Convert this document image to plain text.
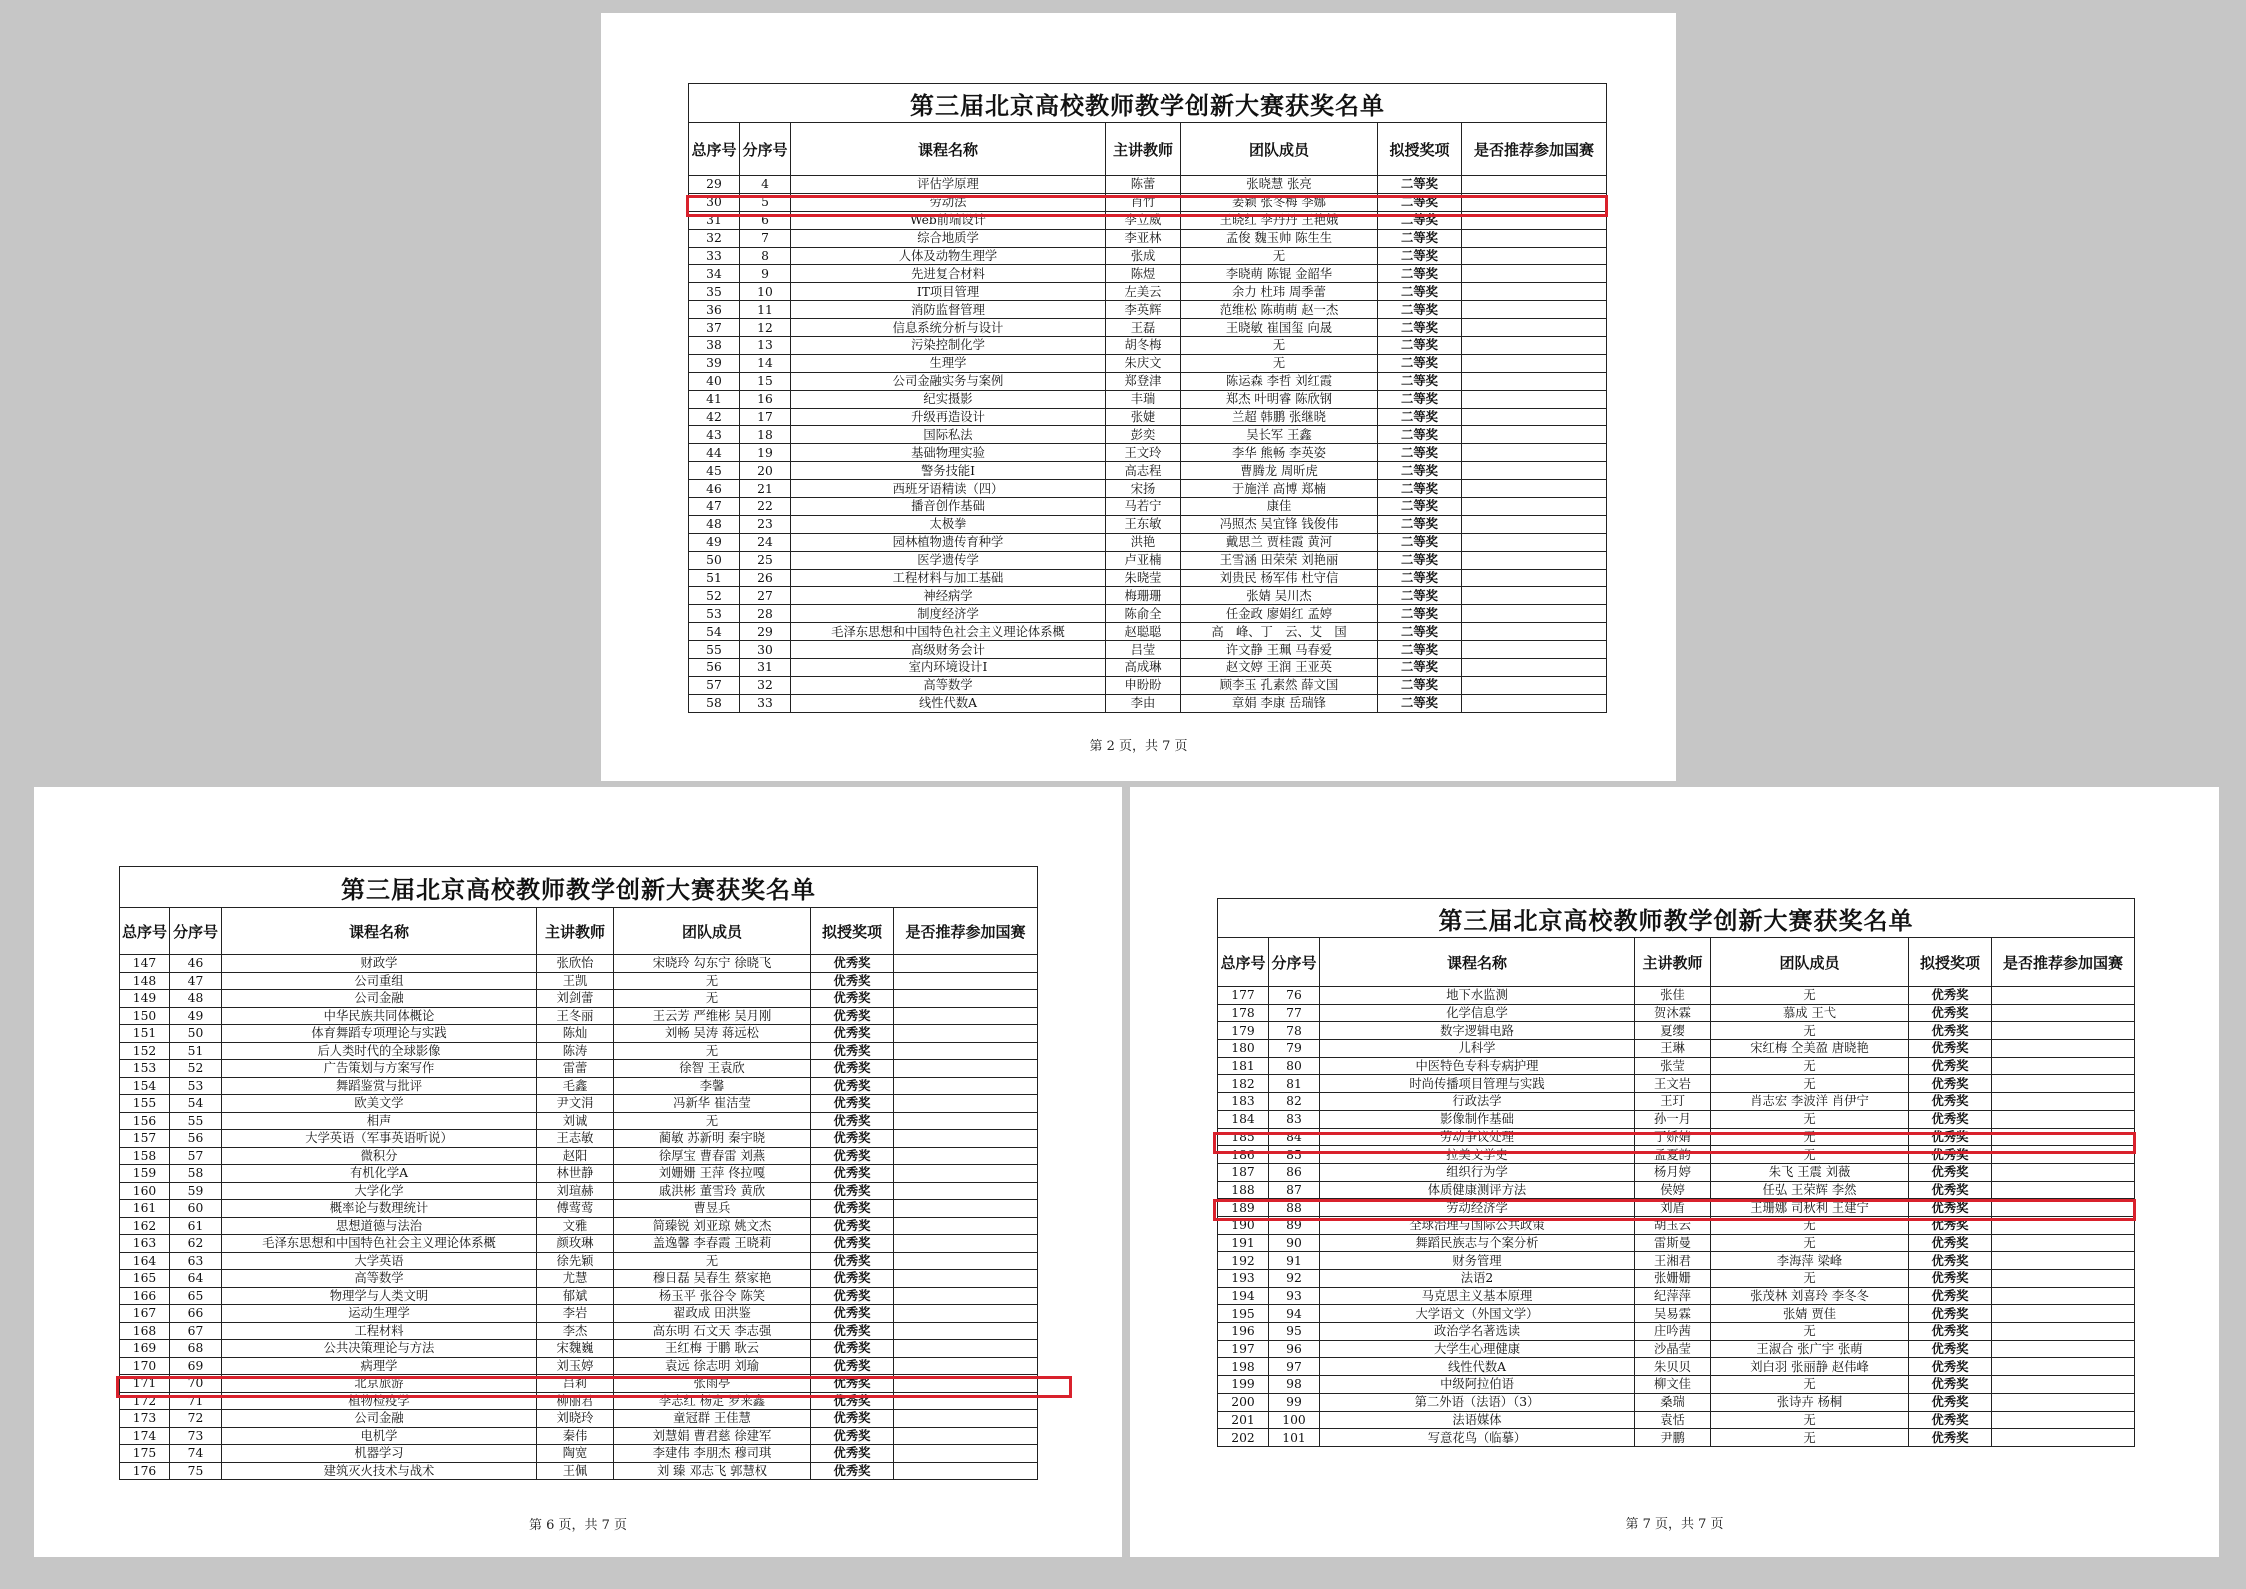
第三届北京高校教师教学创新大赛获奖名单						
总序号	分序号	课程名称	主讲教师	团队成员	拟授奖项	是否推荐参加国赛
29	4	评估学原理	陈蕾	张晓慧 张亮	二等奖	
30	5	劳动法	肖竹	姜颖 张冬梅 李娜	二等奖	
31	6	Web前端设计	李立威	王晓红 李丹丹 王艳娥	二等奖	
32	7	综合地质学	李亚林	孟俊 魏玉帅 陈生生	二等奖	
33	8	人体及动物生理学	张成	无	二等奖	
34	9	先进复合材料	陈煜	李晓萌 陈锟 金韶华	二等奖	
35	10	IT项目管理	左美云	余力 杜玮 周季蕾	二等奖	
36	11	消防监督管理	李英辉	范维松 陈萌萌 赵一杰	二等奖	
37	12	信息系统分析与设计	王磊	王晓敏 崔国玺 向晟	二等奖	
38	13	污染控制化学	胡冬梅	无	二等奖	
39	14	生理学	朱庆文	无	二等奖	
40	15	公司金融实务与案例	郑登津	陈运森 李哲 刘红霞	二等奖	
41	16	纪实摄影	丰瑞	郑杰 叶明睿 陈欣钢	二等奖	
42	17	升级再造设计	张婕	兰超 韩鹏 张继晓	二等奖	
43	18	国际私法	彭奕	吴长军 王鑫	二等奖	
44	19	基础物理实验	王文玲	李华 熊畅 李英姿	二等奖	
45	20	警务技能Ⅰ	高志程	曹腾龙 周昕虎	二等奖	
46	21	西班牙语精读（四）	宋扬	于施洋 高博 郑楠	二等奖	
47	22	播音创作基础	马若宁	康佳	二等奖	
48	23	太极拳	王东敏	冯照杰 吴宜锋 钱俊伟	二等奖	
49	24	园林植物遗传育种学	洪艳	戴思兰 贾桂霞 黄河	二等奖	
50	25	医学遗传学	卢亚楠	王雪涵 田荣荣 刘艳丽	二等奖	
51	26	工程材料与加工基础	朱晓莹	刘贵民 杨军伟 杜守信	二等奖	
52	27	神经病学	梅珊珊	张婧 吴川杰	二等奖	
53	28	制度经济学	陈俞全	任金政 廖娟红 孟婷	二等奖	
54	29	毛泽东思想和中国特色社会主义理论体系概	赵聪聪	高　峰、丁　云、艾　国	二等奖	
55	30	高级财务会计	吕莹	许文静 王珮 马春爱	二等奖	
56	31	室内环境设计Ⅰ	高成琳	赵文婷 王润 王亚英	二等奖	
57	32	高等数学	申盼盼	顾李玉 孔素然 薛文国	二等奖	
58	33	线性代数A	李由	章娟 李康 岳瑞锋	二等奖	
第 2 页，共 7 页
第三届北京高校教师教学创新大赛获奖名单						
总序号	分序号	课程名称	主讲教师	团队成员	拟授奖项	是否推荐参加国赛
147	46	财政学	张欣怡	宋晓玲 勾东宁 徐晓飞	优秀奖	
148	47	公司重组	王凯	无	优秀奖	
149	48	公司金融	刘剑蕾	无	优秀奖	
150	49	中华民族共同体概论	王冬丽	王云芳 严维彬 吴月刚	优秀奖	
151	50	体育舞蹈专项理论与实践	陈灿	刘畅 吴涛 蒋远松	优秀奖	
152	51	后人类时代的全球影像	陈涛	无	优秀奖	
153	52	广告策划与方案写作	雷蕾	徐智 王袁欣	优秀奖	
154	53	舞蹈鉴赏与批评	毛鑫	李馨	优秀奖	
155	54	欧美文学	尹文涓	冯新华 崔洁莹	优秀奖	
156	55	相声	刘诚	无	优秀奖	
157	56	大学英语（军事英语听说）	王志敏	蔺敏 苏新明 秦宇晓	优秀奖	
158	57	微积分	赵阳	徐厚宝 曹春雷 刘燕	优秀奖	
159	58	有机化学A	林世静	刘姗姗 王萍 佟拉嘎	优秀奖	
160	59	大学化学	刘瑄赫	戚洪彬 董雪玲 黄欣	优秀奖	
161	60	概率论与数理统计	傅莺莺	曹昱兵	优秀奖	
162	61	思想道德与法治	文雅	简臻锐 刘亚琼 姚文杰	优秀奖	
163	62	毛泽东思想和中国特色社会主义理论体系概	颜玫琳	盖逸馨 李春霞 王晓莉	优秀奖	
164	63	大学英语	徐先颖	无	优秀奖	
165	64	高等数学	尤慧	穆日磊 吴春生 蔡家艳	优秀奖	
166	65	物理学与人类文明	郁斌	杨玉平 张谷令 陈笑	优秀奖	
167	66	运动生理学	李岩	翟政成 田洪鉴	优秀奖	
168	67	工程材料	李杰	高东明 石文天 李志强	优秀奖	
169	68	公共决策理论与方法	宋魏巍	王红梅 于鹏 耿云	优秀奖	
170	69	病理学	刘玉婷	袁远 徐志明 刘瑜	优秀奖	
171	70	北京旅游	吕莉	张雨亭	优秀奖	
172	71	植物检疫学	柳丽君	李志红 杨定 罗来鑫	优秀奖	
173	72	公司金融	刘晓玲	童冠群 王佳慧	优秀奖	
174	73	电机学	秦伟	刘慧娟 曹君慈 徐建军	优秀奖	
175	74	机器学习	陶宽	李建伟 李朋杰 穆司琪	优秀奖	
176	75	建筑灭火技术与战术	王佩	刘 臻 邓志飞 郭慧权	优秀奖	
第 6 页，共 7 页
第三届北京高校教师教学创新大赛获奖名单						
总序号	分序号	课程名称	主讲教师	团队成员	拟授奖项	是否推荐参加国赛
177	76	地下水监测	张佳	无	优秀奖	
178	77	化学信息学	贺沐霖	慕成 王弋	优秀奖	
179	78	数字逻辑电路	夏缨	无	优秀奖	
180	79	儿科学	王琳	宋红梅 仝美盈 唐晓艳	优秀奖	
181	80	中医特色专科专病护理	张莹	无	优秀奖	
182	81	时尚传播项目管理与实践	王文岩	无	优秀奖	
183	82	行政法学	王玎	肖志宏 李波洋 肖伊宁	优秀奖	
184	83	影像制作基础	孙一月	无	优秀奖	
185	84	劳动争议处理	丁娇婧	无	优秀奖	
186	85	拉美文学史	孟夏韵	无	优秀奖	
187	86	组织行为学	杨月婷	朱飞 王震 刘薇	优秀奖	
188	87	体质健康测评方法	侯婷	任弘 王荣辉 李然	优秀奖	
189	88	劳动经济学	刘盾	王珊娜 司秋利 王建宁	优秀奖	
190	89	全球治理与国际公共政策	胡玉云	无	优秀奖	
191	90	舞蹈民族志与个案分析	雷斯曼	无	优秀奖	
192	91	财务管理	王湘君	李海萍 梁峰	优秀奖	
193	92	法语2	张姗姗	无	优秀奖	
194	93	马克思主义基本原理	纪萍萍	张茂林 刘喜玲 李冬冬	优秀奖	
195	94	大学语文（外国文学）	吴易霖	张婧 贾佳	优秀奖	
196	95	政治学名著选读	庄吟茜	无	优秀奖	
197	96	大学生心理健康	沙晶莹	王淑合 张广宇 张萌	优秀奖	
198	97	线性代数A	朱贝贝	刘白羽 张丽静 赵伟峰	优秀奖	
199	98	中级阿拉伯语	柳文佳	无	优秀奖	
200	99	第二外语（法语）（3）	桑瑞	张诗卉 杨桐	优秀奖	
201	100	法语媒体	袁恬	无	优秀奖	
202	101	写意花鸟（临摹）	尹鹏	无	优秀奖	
第 7 页，共 7 页
